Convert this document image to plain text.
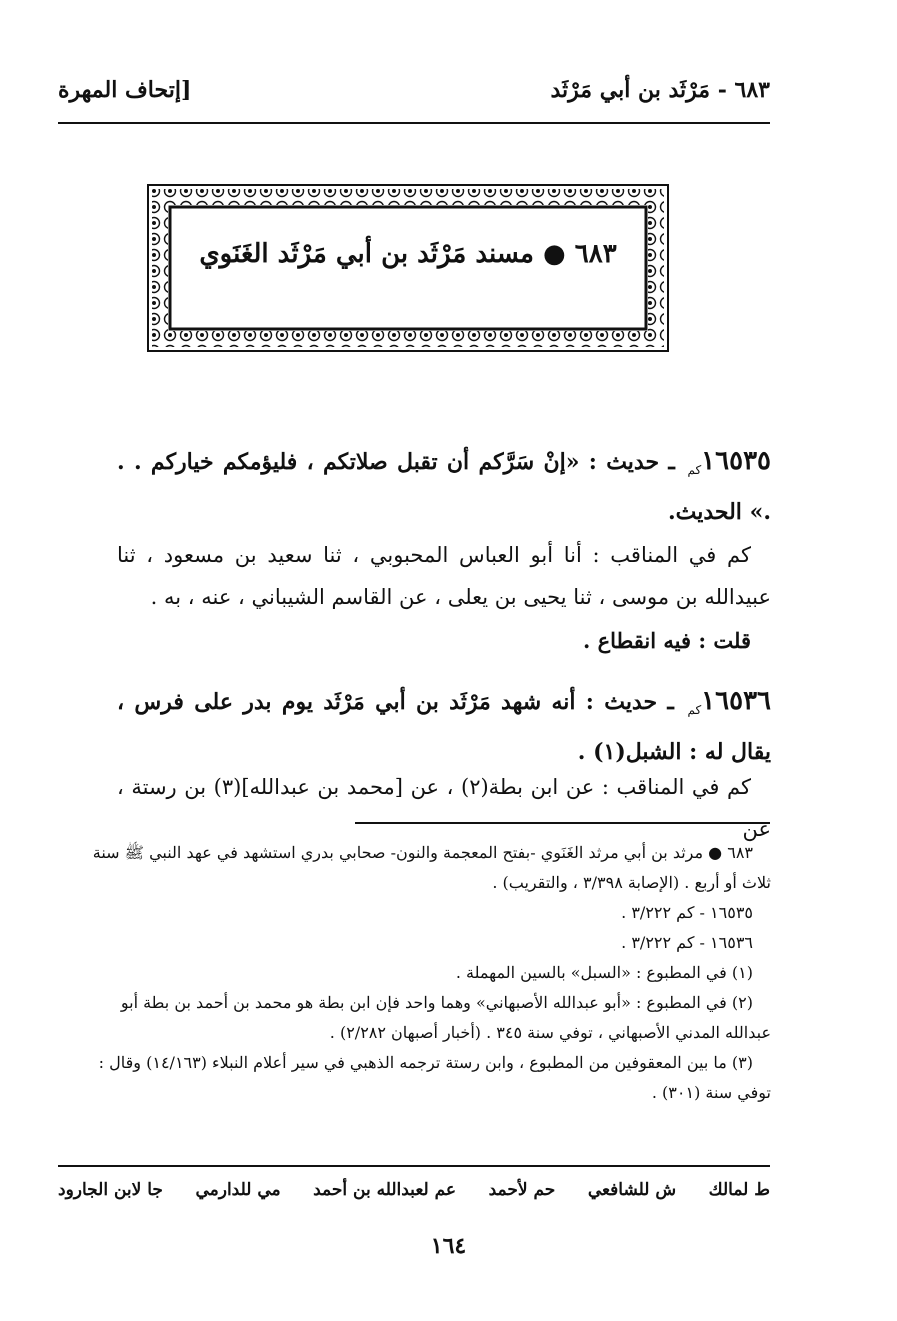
٦٨٣ - مَرْثَد بن أبي مَرْثَد
[إتحاف المهرة
٦٨٣ ● مسند مَرْثَد بن أبي مَرْثَد الغَنَوي
$١٦٥٣٥_{كم}$ ـ حديث : «إنْ سَرَّكم أن تقبل صلاتكم ، فليؤمكم خياركم . . .» الحديث.
كم في المناقب : أنا أبو العباس المحبوبي ، ثنا سعيد بن مسعود ، ثنا عبيدالله بن موسى ، ثنا يحيى بن يعلى ، عن القاسم الشيباني ، عنه ، به .
قلت : فيه انقطاع .
$١٦٥٣٦_{كم}$ ـ حديث : أنه شهد مَرْثَد بن أبي مَرْثَد يوم بدر على فرس ، يقال له : الشبل(١) .
كم في المناقب : عن ابن بطة(٢) ، عن [محمد بن عبدالله](٣) بن رستة ، عن
٦٨٣ ● مرثد بن أبي مرثد الغَنَوي -بفتح المعجمة والنون- صحابي بدري استشهد في عهد النبي ﷺ سنة ثلاث أو أربع . (الإصابة ٣/٣٩٨ ، والتقريب) .
١٦٥٣٥ - كم ٣/٢٢٢ .
١٦٥٣٦ - كم ٣/٢٢٢ .
(١) في المطبوع : «السبل» بالسين المهملة .
(٢) في المطبوع : «أبو عبدالله الأصبهاني» وهما واحد فإن ابن بطة هو محمد بن أحمد بن بطة أبو عبدالله المدني الأصبهاني ، توفي سنة ٣٤٥ . (أخبار أصبهان ٢/٢٨٢) .
(٣) ما بين المعقوفين من المطبوع ، وابن رستة ترجمه الذهبي في سير أعلام النبلاء (١٤/١٦٣) وقال : توفي سنة (٣٠١) .
ط لمالك
ش للشافعي
حم لأحمد
عم لعبدالله بن أحمد
مي للدارمي
جا لابن الجارود
١٦٤
